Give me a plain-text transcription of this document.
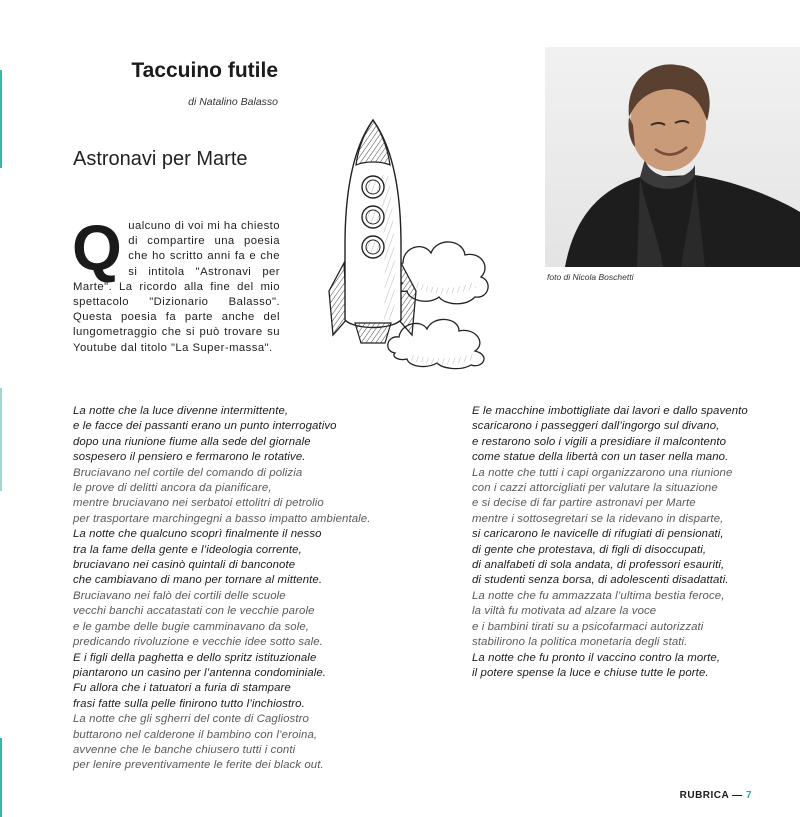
Taccuino futile
di Natalino Balasso
Astronavi per Marte
Q ualcuno di voi mi ha chiesto di compartire una poesia che ho scritto anni fa e che si intitola "Astronavi per Marte". La ricordo alla fine del mio spettacolo "Dizionario Balasso". Questa poesia fa parte anche del lungometraggio che si può trovare su Youtube dal titolo "La Super-massa".
foto di Nicola Boschetti
La notte che la luce divenne intermittente,
e le facce dei passanti erano un punto interrogativo
dopo una riunione fiume alla sede del giornale
sospesero il pensiero e fermarono le rotative.
Bruciavano nel cortile del comando di polizia
le prove di delitti ancora da pianificare,
mentre bruciavano nei serbatoi ettolitri di petrolio
per trasportare marchingegni a basso impatto ambientale.
La notte che qualcuno scoprì finalmente il nesso
tra la fame della gente e l’ideologia corrente,
bruciavano nei casinò quintali di banconote
che cambiavano di mano per tornare al mittente.
Bruciavano nei falò dei cortili delle scuole
vecchi banchi accatastati con le vecchie parole
e le gambe delle bugie camminavano da sole,
predicando rivoluzione e vecchie idee sotto sale.
E i figli della paghetta e dello spritz istituzionale
piantarono un casino per l’antenna condominiale.
Fu allora che i tatuatori a furia di stampare
frasi fatte sulla pelle finirono tutto l’inchiostro.
La notte che gli sgherri del conte di Cagliostro
buttarono nel calderone il bambino con l’eroina,
avvenne che le banche chiusero tutti i conti
per lenire preventivamente le ferite dei black out.
E le macchine imbottigliate dai lavori e dallo spavento
scaricarono i passeggeri dall’ingorgo sul divano,
e restarono solo i vigili a presidiare il malcontento
come statue della libertà con un taser nella mano.
La notte che tutti i capi organizzarono una riunione
con i cazzi attorcigliati per valutare la situazione
e si decise di far partire astronavi per Marte
mentre i sottosegretari se la ridevano in disparte,
si caricarono le navicelle di rifugiati di pensionati,
di gente che protestava, di figli di disoccupati,
di analfabeti di sola andata, di professori esauriti,
di studenti senza borsa, di adolescenti disadattati.
La notte che fu ammazzata l’ultima bestia feroce,
la viltà fu motivata ad alzare la voce
e i bambini tirati su a psicofarmaci autorizzati
stabilirono la politica monetaria degli stati.
La notte che fu pronto il vaccino contro la morte,
il potere spense la luce e chiuse tutte le porte.
RUBRICA — 7
